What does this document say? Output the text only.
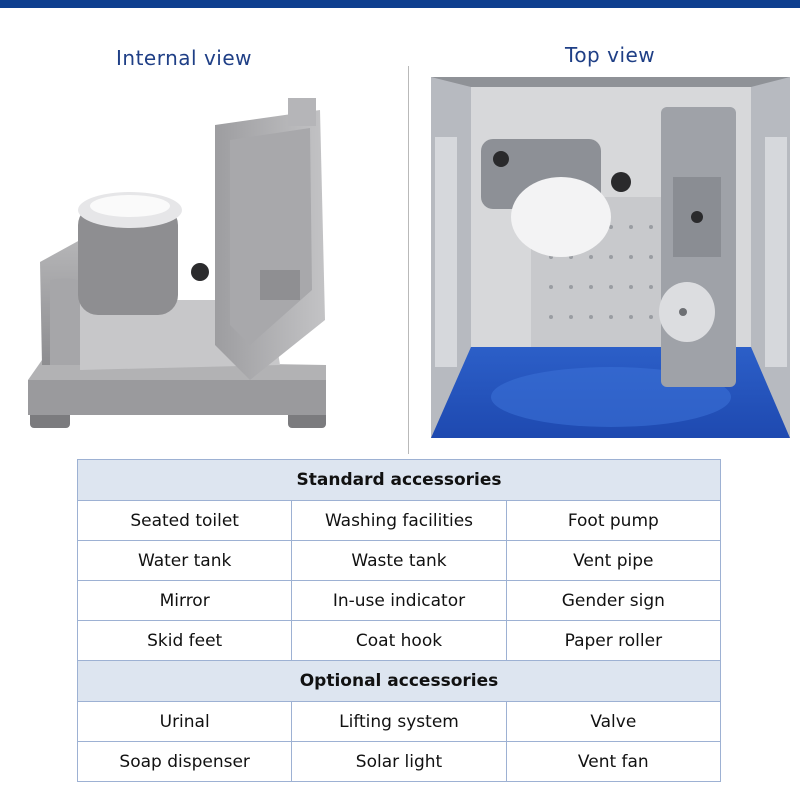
Internal view	Top view
Standard accessories		
Seated toilet	Washing facilities	Foot pump
Water tank	Waste tank	Vent pipe
Mirror	In-use indicator	Gender sign
Skid feet	Coat hook	Paper roller
Optional accessories		
Urinal	Lifting system	Valve
Soap dispenser	Solar light	Vent fan
